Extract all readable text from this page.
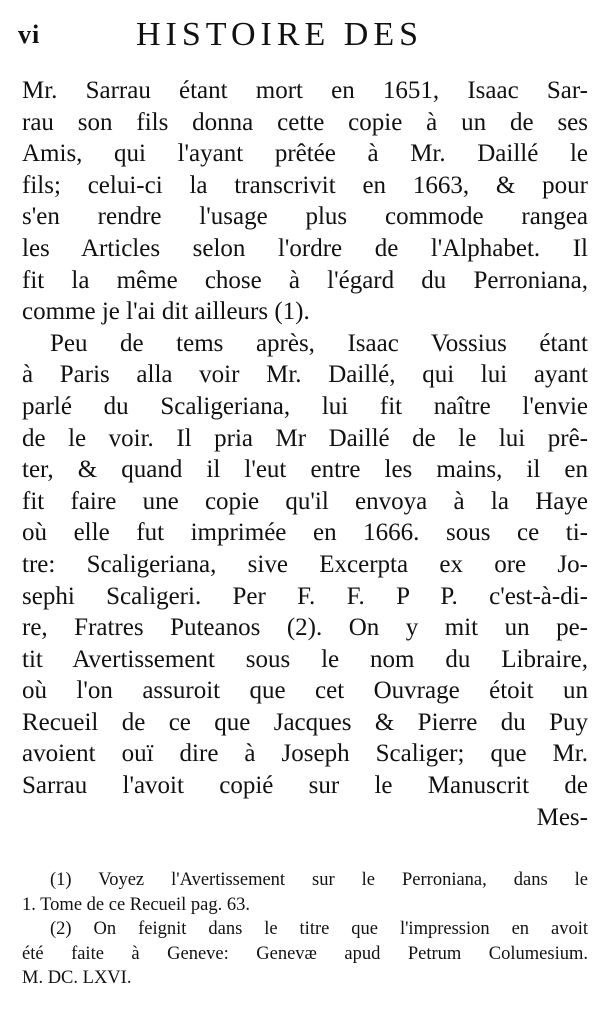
vi	HISTOIRE DES
Mr. Sarrau étant mort en 1651, Isaac Sar-
rau son fils donna cette copie à un de ses
Amis, qui l'ayant prêtée à Mr. Daillé le
fils; celui-ci la transcrivit en 1663, & pour
s'en rendre l'usage plus commode rangea
les Articles selon l'ordre de l'Alphabet. Il
fit la même chose à l'égard du Perroniana,
comme je l'ai dit ailleurs (1).
Peu de tems après, Isaac Vossius étant
à Paris alla voir Mr. Daillé, qui lui ayant
parlé du Scaligeriana, lui fit naître l'envie
de le voir. Il pria Mr Daillé de le lui prê-
ter, & quand il l'eut entre les mains, il en
fit faire une copie qu'il envoya à la Haye
où elle fut imprimée en 1666. sous ce ti-
tre: Scaligeriana, sive Excerpta ex ore Jo-
sephi Scaligeri. Per F. F. P P. c'est-à-di-
re, Fratres Puteanos (2). On y mit un pe-
tit Avertissement sous le nom du Libraire,
où l'on assuroit que cet Ouvrage étoit un
Recueil de ce que Jacques & Pierre du Puy
avoient ouï dire à Joseph Scaliger; que Mr.
Sarrau l'avoit copié sur le Manuscrit de
Mes-
(1) Voyez l'Avertissement sur le Perroniana, dans le
1. Tome de ce Recueil pag. 63.
(2) On feignit dans le titre que l'impression en avoit
été faite à Geneve: Genevæ apud Petrum Columesium.
M. DC. LXVI.
